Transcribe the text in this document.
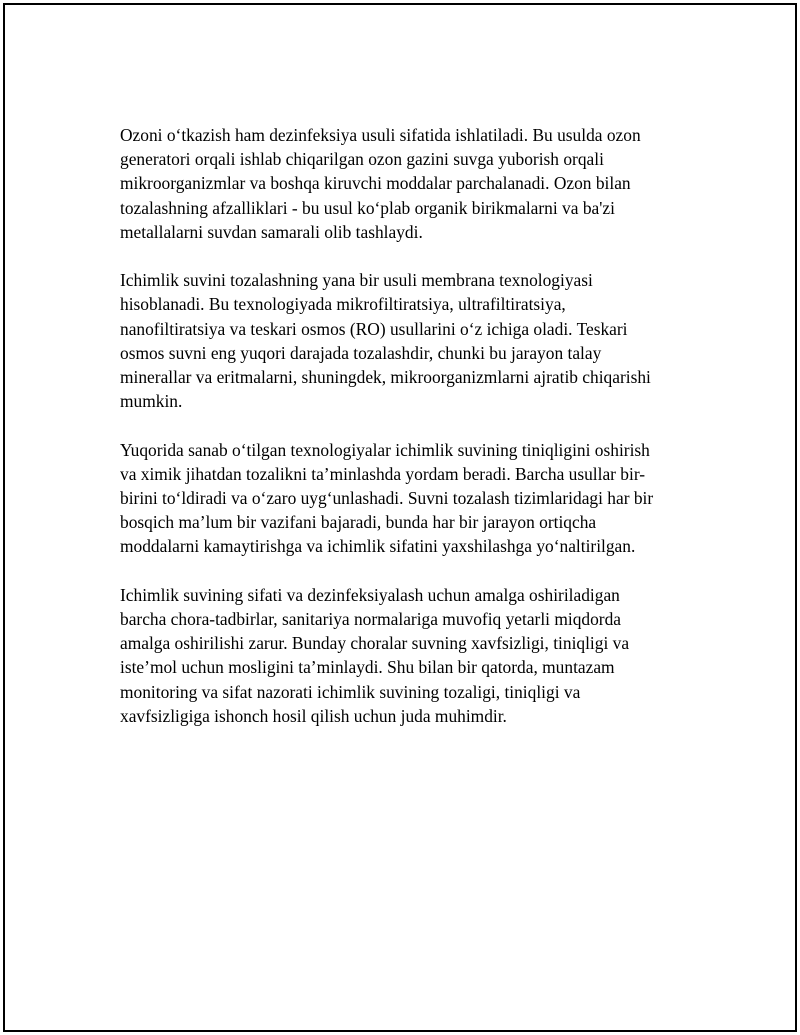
Ozoni o‘tkazish ham dezinfeksiya usuli sifatida ishlatiladi. Bu usulda ozon
generatori orqali ishlab chiqarilgan ozon gazini suvga yuborish orqali
mikroorganizmlar va boshqa kiruvchi moddalar parchalanadi. Ozon bilan
tozalashning afzalliklari - bu usul ko‘plab organik birikmalarni va ba'zi
metallalarni suvdan samarali olib tashlaydi.

Ichimlik suvini tozalashning yana bir usuli membrana texnologiyasi
hisoblanadi. Bu texnologiyada mikrofiltiratsiya, ultrafiltiratsiya,
nanofiltiratsiya va teskari osmos (RO) usullarini o‘z ichiga oladi. Teskari
osmos suvni eng yuqori darajada tozalashdir, chunki bu jarayon talay
minerallar va eritmalarni, shuningdek, mikroorganizmlarni ajratib chiqarishi
mumkin.

Yuqorida sanab o‘tilgan texnologiyalar ichimlik suvining tiniqligini oshirish
va ximik jihatdan tozalikni ta’minlashda yordam beradi. Barcha usullar bir-
birini to‘ldiradi va o‘zaro uyg‘unlashadi. Suvni tozalash tizimlaridagi har bir
bosqich ma’lum bir vazifani bajaradi, bunda har bir jarayon ortiqcha
moddalarni kamaytirishga va ichimlik sifatini yaxshilashga yo‘naltirilgan.

Ichimlik suvining sifati va dezinfeksiyalash uchun amalga oshiriladigan
barcha chora-tadbirlar, sanitariya normalariga muvofiq yetarli miqdorda
amalga oshirilishi zarur. Bunday choralar suvning xavfsizligi, tiniqligi va
iste’mol uchun mosligini ta’minlaydi. Shu bilan bir qatorda, muntazam
monitoring va sifat nazorati ichimlik suvining tozaligi, tiniqligi va
xavfsizligiga ishonch hosil qilish uchun juda muhimdir.
